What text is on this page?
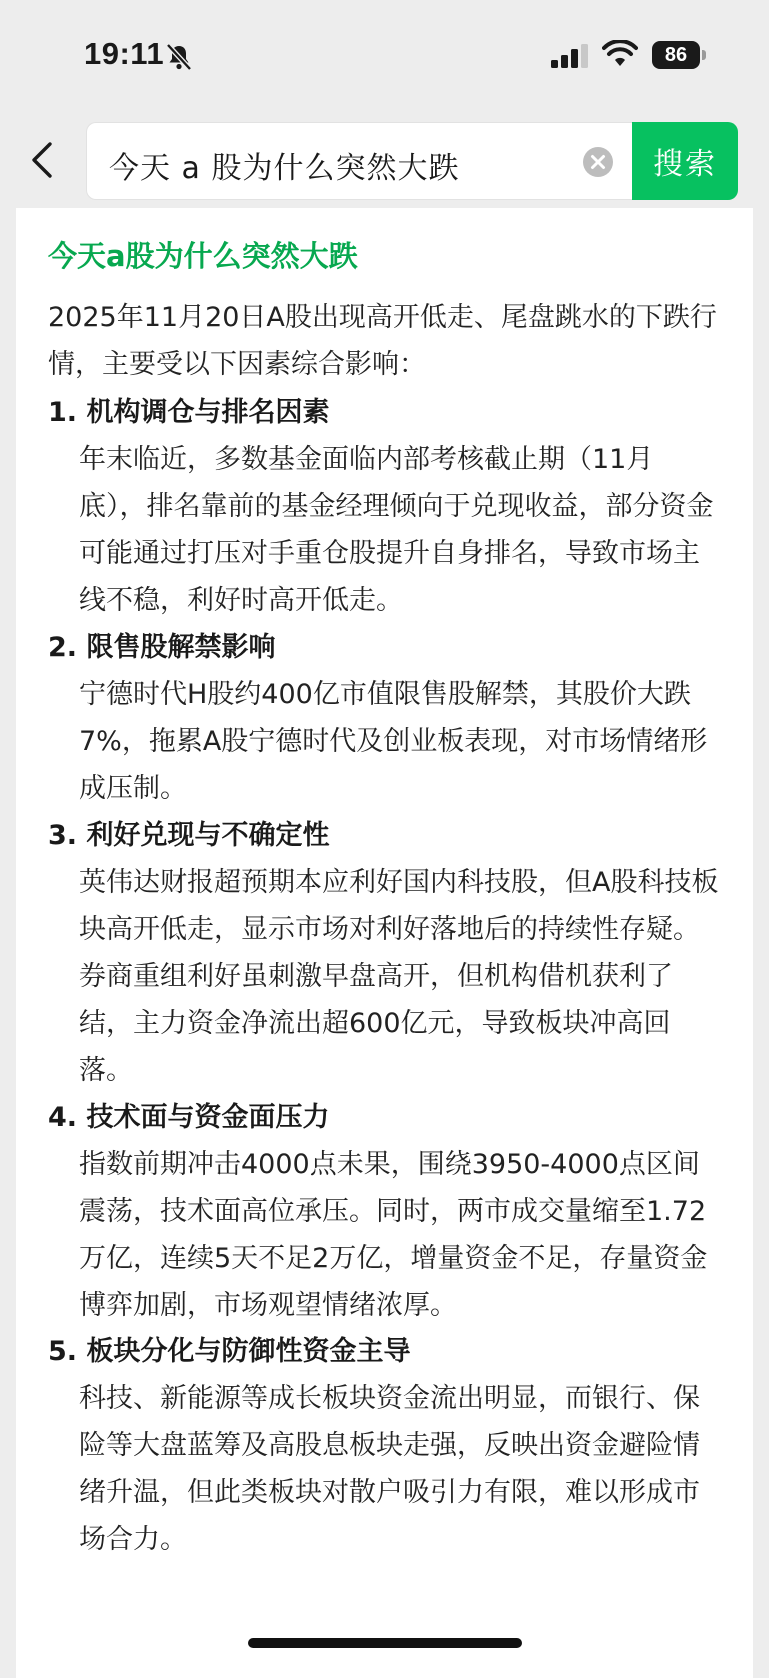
19:11	86
今天 a 股为什么突然大跌	搜索
今天a股为什么突然大跌
2025年11月20日A股出现高开低走、尾盘跳水的下跌行情，主要受以下因素综合影响：
1. 机构调仓与排名因素
年末临近，多数基金面临内部考核截止期（11月底），排名靠前的基金经理倾向于兑现收益，部分资金可能通过打压对手重仓股提升自身排名，导致市场主线不稳，利好时高开低走。
2. 限售股解禁影响
宁德时代H股约400亿市值限售股解禁，其股价大跌7%，拖累A股宁德时代及创业板表现，对市场情绪形成压制。
3. 利好兑现与不确定性
英伟达财报超预期本应利好国内科技股，但A股科技板块高开低走，显示市场对利好落地后的持续性存疑。券商重组利好虽刺激早盘高开，但机构借机获利了结，主力资金净流出超600亿元，导致板块冲高回落。
4. 技术面与资金面压力
指数前期冲击4000点未果，围绕3950-4000点区间震荡，技术面高位承压。同时，两市成交量缩至1.72万亿，连续5天不足2万亿，增量资金不足，存量资金博弈加剧，市场观望情绪浓厚。
5. 板块分化与防御性资金主导
科技、新能源等成长板块资金流出明显，而银行、保险等大盘蓝筹及高股息板块走强，反映出资金避险情绪升温，但此类板块对散户吸引力有限，难以形成市场合力。
